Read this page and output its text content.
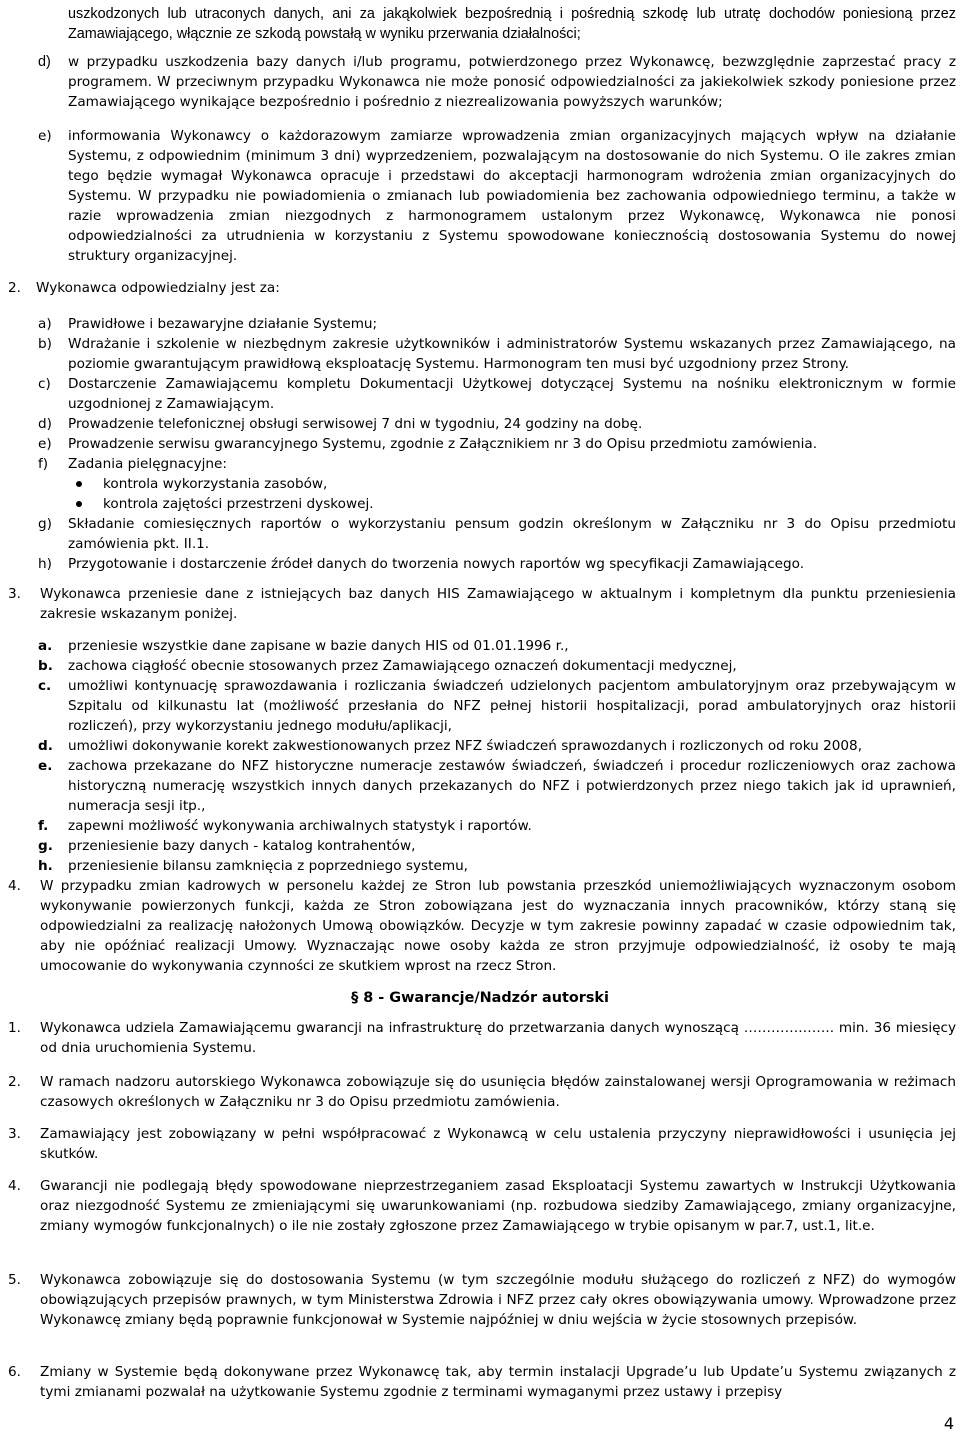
uszkodzonych lub utraconych danych, ani za jakąkolwiek bezpośrednią i pośrednią szkodę lub utratę dochodów poniesioną przez Zamawiającego, włącznie ze szkodą powstałą w wyniku przerwania działalności;

d) w przypadku uszkodzenia bazy danych i/lub programu, potwierdzonego przez Wykonawcę, bezwzględnie zaprzestać pracy z programem. W przeciwnym przypadku Wykonawca nie może ponosić odpowiedzialności za jakiekolwiek szkody poniesione przez Zamawiającego wynikające bezpośrednio i pośrednio z niezrealizowania powyższych warunków;

e) informowania Wykonawcy o każdorazowym zamiarze wprowadzenia zmian organizacyjnych mających wpływ na działanie Systemu, z odpowiednim (minimum 3 dni) wyprzedzeniem, pozwalającym na dostosowanie do nich Systemu. O ile zakres zmian tego będzie wymagał Wykonawca opracuje i przedstawi do akceptacji harmonogram wdrożenia zmian organizacyjnych do Systemu. W przypadku nie powiadomienia o zmianach lub powiadomienia bez zachowania odpowiedniego terminu, a także w razie wprowadzenia zmian niezgodnych z harmonogramem ustalonym przez Wykonawcę, Wykonawca nie ponosi odpowiedzialności za utrudnienia w korzystaniu z Systemu spowodowane koniecznością dostosowania Systemu do nowej struktury organizacyjnej.

2. Wykonawca odpowiedzialny jest za:

a) Prawidłowe i bezawaryjne działanie Systemu;

b) Wdrażanie i szkolenie w niezbędnym zakresie użytkowników i administratorów Systemu wskazanych przez Zamawiającego, na poziomie gwarantującym prawidłową eksploatację Systemu. Harmonogram ten musi być uzgodniony przez Strony.

c) Dostarczenie Zamawiającemu kompletu Dokumentacji Użytkowej dotyczącej Systemu na nośniku elektronicznym w formie uzgodnionej z Zamawiającym.

d) Prowadzenie telefonicznej obsługi serwisowej 7 dni w tygodniu, 24 godziny na dobę.

e) Prowadzenie serwisu gwarancyjnego Systemu, zgodnie z Załącznikiem nr 3 do Opisu przedmiotu zamówienia.

f) Zadania pielęgnacyjne:

kontrola wykorzystania zasobów,

kontrola zajętości przestrzeni dyskowej.

g) Składanie comiesięcznych raportów o wykorzystaniu pensum godzin określonym w Załączniku nr 3 do Opisu przedmiotu zamówienia pkt. II.1.

h) Przygotowanie i dostarczenie źródeł danych do tworzenia nowych raportów wg specyfikacji Zamawiającego.

3. Wykonawca przeniesie dane z istniejących baz danych HIS Zamawiającego w aktualnym i kompletnym dla punktu przeniesienia zakresie wskazanym poniżej.

a. przeniesie wszystkie dane zapisane w bazie danych HIS od 01.01.1996 r.,

b. zachowa ciągłość obecnie stosowanych przez Zamawiającego oznaczeń dokumentacji medycznej,

c. umożliwi kontynuację sprawozdawania i rozliczania świadczeń udzielonych pacjentom ambulatoryjnym oraz przebywającym w Szpitalu od kilkunastu lat (możliwość przesłania do NFZ pełnej historii hospitalizacji, porad ambulatoryjnych oraz historii rozliczeń), przy wykorzystaniu jednego modułu/aplikacji,

d. umożliwi dokonywanie korekt zakwestionowanych przez NFZ świadczeń sprawozdanych i rozliczonych od roku 2008,

e. zachowa przekazane do NFZ historyczne numeracje zestawów świadczeń, świadczeń i procedur rozliczeniowych oraz zachowa historyczną numerację wszystkich innych danych przekazanych do NFZ i potwierdzonych przez niego takich jak id uprawnień, numeracja sesji itp.,

f. zapewni możliwość wykonywania archiwalnych statystyk i raportów.

g. przeniesienie bazy danych - katalog kontrahentów,

h. przeniesienie bilansu zamknięcia z poprzedniego systemu,

4. W przypadku zmian kadrowych w personelu każdej ze Stron lub powstania przeszkód uniemożliwiających wyznaczonym osobom wykonywanie powierzonych funkcji, każda ze Stron zobowiązana jest do wyznaczania innych pracowników, którzy staną się odpowiedzialni za realizację nałożonych Umową obowiązków. Decyzje w tym zakresie powinny zapadać w czasie odpowiednim tak, aby nie opóźniać realizacji Umowy. Wyznaczając nowe osoby każda ze stron przyjmuje odpowiedzialność, iż osoby te mają umocowanie do wykonywania czynności ze skutkiem wprost na rzecz Stron.

§ 8 - Gwarancje/Nadzór autorski

1. Wykonawca udziela Zamawiającemu gwarancji na infrastrukturę do przetwarzania danych wynoszącą ……………….. min. 36 miesięcy od dnia uruchomienia Systemu.

2. W ramach nadzoru autorskiego Wykonawca zobowiązuje się do usunięcia błędów zainstalowanej wersji Oprogramowania w reżimach czasowych określonych w Załączniku nr 3 do Opisu przedmiotu zamówienia.

3. Zamawiający jest zobowiązany w pełni współpracować z Wykonawcą w celu ustalenia przyczyny nieprawidłowości i usunięcia jej skutków.

4. Gwarancji nie podlegają błędy spowodowane nieprzestrzeganiem zasad Eksploatacji Systemu zawartych w Instrukcji Użytkowania oraz niezgodność Systemu ze zmieniającymi się uwarunkowaniami (np. rozbudowa siedziby Zamawiającego, zmiany organizacyjne, zmiany wymogów funkcjonalnych) o ile nie zostały zgłoszone przez Zamawiającego w trybie opisanym w par.7, ust.1, lit.e.

5. Wykonawca zobowiązuje się do dostosowania Systemu (w tym szczególnie modułu służącego do rozliczeń z NFZ) do wymogów obowiązujących przepisów prawnych, w tym Ministerstwa Zdrowia i NFZ przez cały okres obowiązywania umowy. Wprowadzone przez Wykonawcę zmiany będą poprawnie funkcjonował w Systemie najpóźniej w dniu wejścia w życie stosownych przepisów.

6. Zmiany w Systemie będą dokonywane przez Wykonawcę tak, aby termin instalacji Upgrade’u lub Update’u Systemu związanych z tymi zmianami pozwalał na użytkowanie Systemu zgodnie z terminami wymaganymi przez ustawy i przepisy

4
